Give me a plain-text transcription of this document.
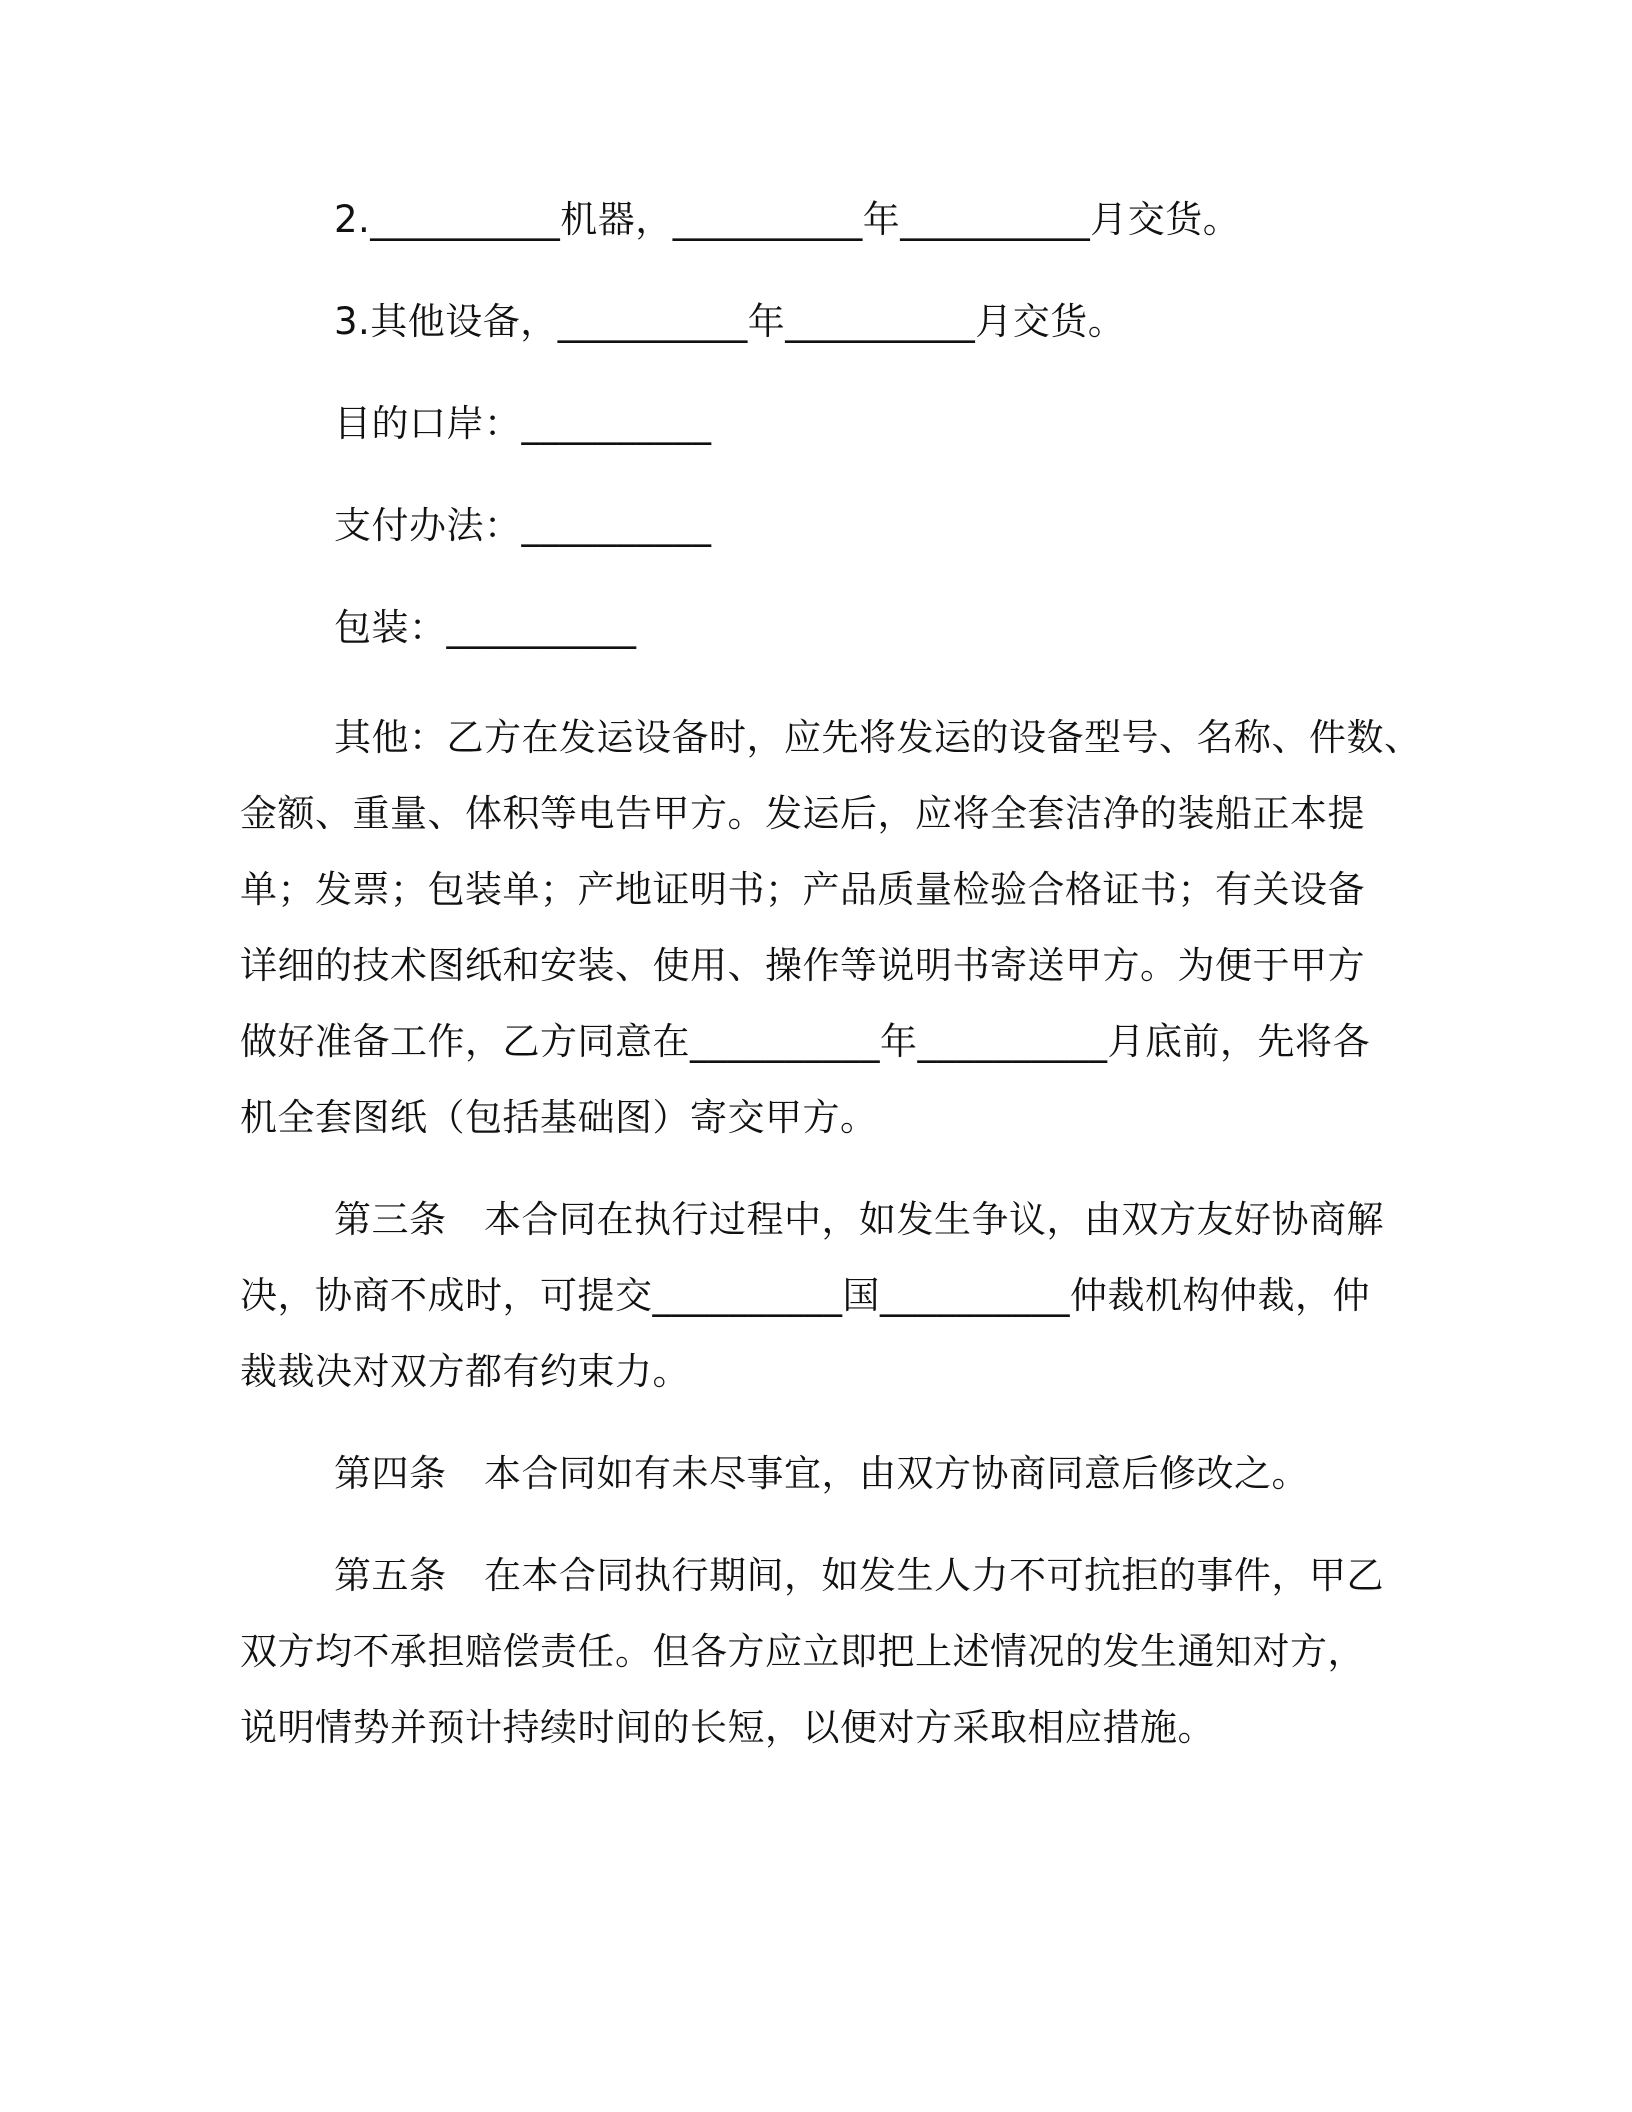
2.__________机器，__________年__________月交货。
3.其他设备，__________年__________月交货。
目的口岸：__________
支付办法：__________
包装：__________
其他：乙方在发运设备时，应先将发运的设备型号、名称、件数、
金额、重量、体积等电告甲方。发运后，应将全套洁净的装船正本提
单；发票；包装单；产地证明书；产品质量检验合格证书；有关设备
详细的技术图纸和安装、使用、操作等说明书寄送甲方。为便于甲方
做好准备工作，乙方同意在__________年__________月底前，先将各
机全套图纸（包括基础图）寄交甲方。
第三条　本合同在执行过程中，如发生争议，由双方友好协商解
决，协商不成时，可提交__________国__________仲裁机构仲裁，仲
裁裁决对双方都有约束力。
第四条　本合同如有未尽事宜，由双方协商同意后修改之。
第五条　在本合同执行期间，如发生人力不可抗拒的事件，甲乙
双方均不承担赔偿责任。但各方应立即把上述情况的发生通知对方，
说明情势并预计持续时间的长短，以便对方采取相应措施。
